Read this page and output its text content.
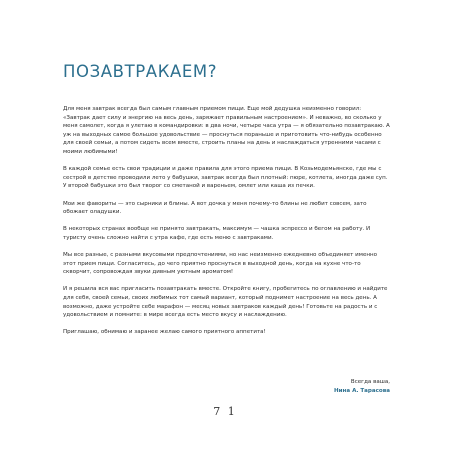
ПОЗАВТРАКАЕМ?

Для меня завтрак всегда был самым главным приемом пищи. Еще мой дедушка неизменно говорил: «Завтрак дает силу и энергию на весь день, заряжает правильным настроением». И неважно, во сколько у меня самолет, когда я улетаю в командировки: в два ночи, четыре часа утра — я обязательно позавтракаю. А уж на выходных самое большое удовольствие — проснуться пораньше и приготовить что-нибудь особенно для своей семьи, а потом сидеть всем вместе, строить планы на день и наслаждаться утренними часами с моими любимыми!

В каждой семье есть свои традиции и даже правила для этого приема пищи. В Козьмодемьянске, где мы с сестрой в детстве проводили лето у бабушки, завтрак всегда был плотный: пюре, котлета, иногда даже суп. У второй бабушки это был творог со сметаной и вареньем, омлет или каша из печки.

Мои же фавориты — это сырники и блины. А вот дочка у меня почему-то блины не любит совсем, зато обожает оладушки.

В некоторых странах вообще не принято завтракать, максимум — чашка эспрессо и бегом на работу. И туристу очень сложно найти с утра кафе, где есть меню с завтраками.

Мы все разные, с разными вкусовыми предпочтениями, но нас неизменно ежедневно объединяет именно этот прием пищи. Согласитесь, до чего приятно проснуться в выходной день, когда на кухне что-то скворчит, сопровождая звуки дивным уютным ароматом!

И я решила вся вас пригласить позавтракать вместе. Откройте книгу, пробегитесь по оглавлению и найдите для себя, своей семьи, своих любимых тот самый вариант, который поднимет настроение на весь день. А возможно, даже устройте себе марафон — месяц новых завтраков каждый день! Готовьте на радость и с удовольствием и помните: в мире всегда есть место вкусу и наслаждению.

Приглашаю, обнимаю и заранее желаю самого приятного аппетита!

Всегда ваша,
Нина А. Тарасова
7 1
